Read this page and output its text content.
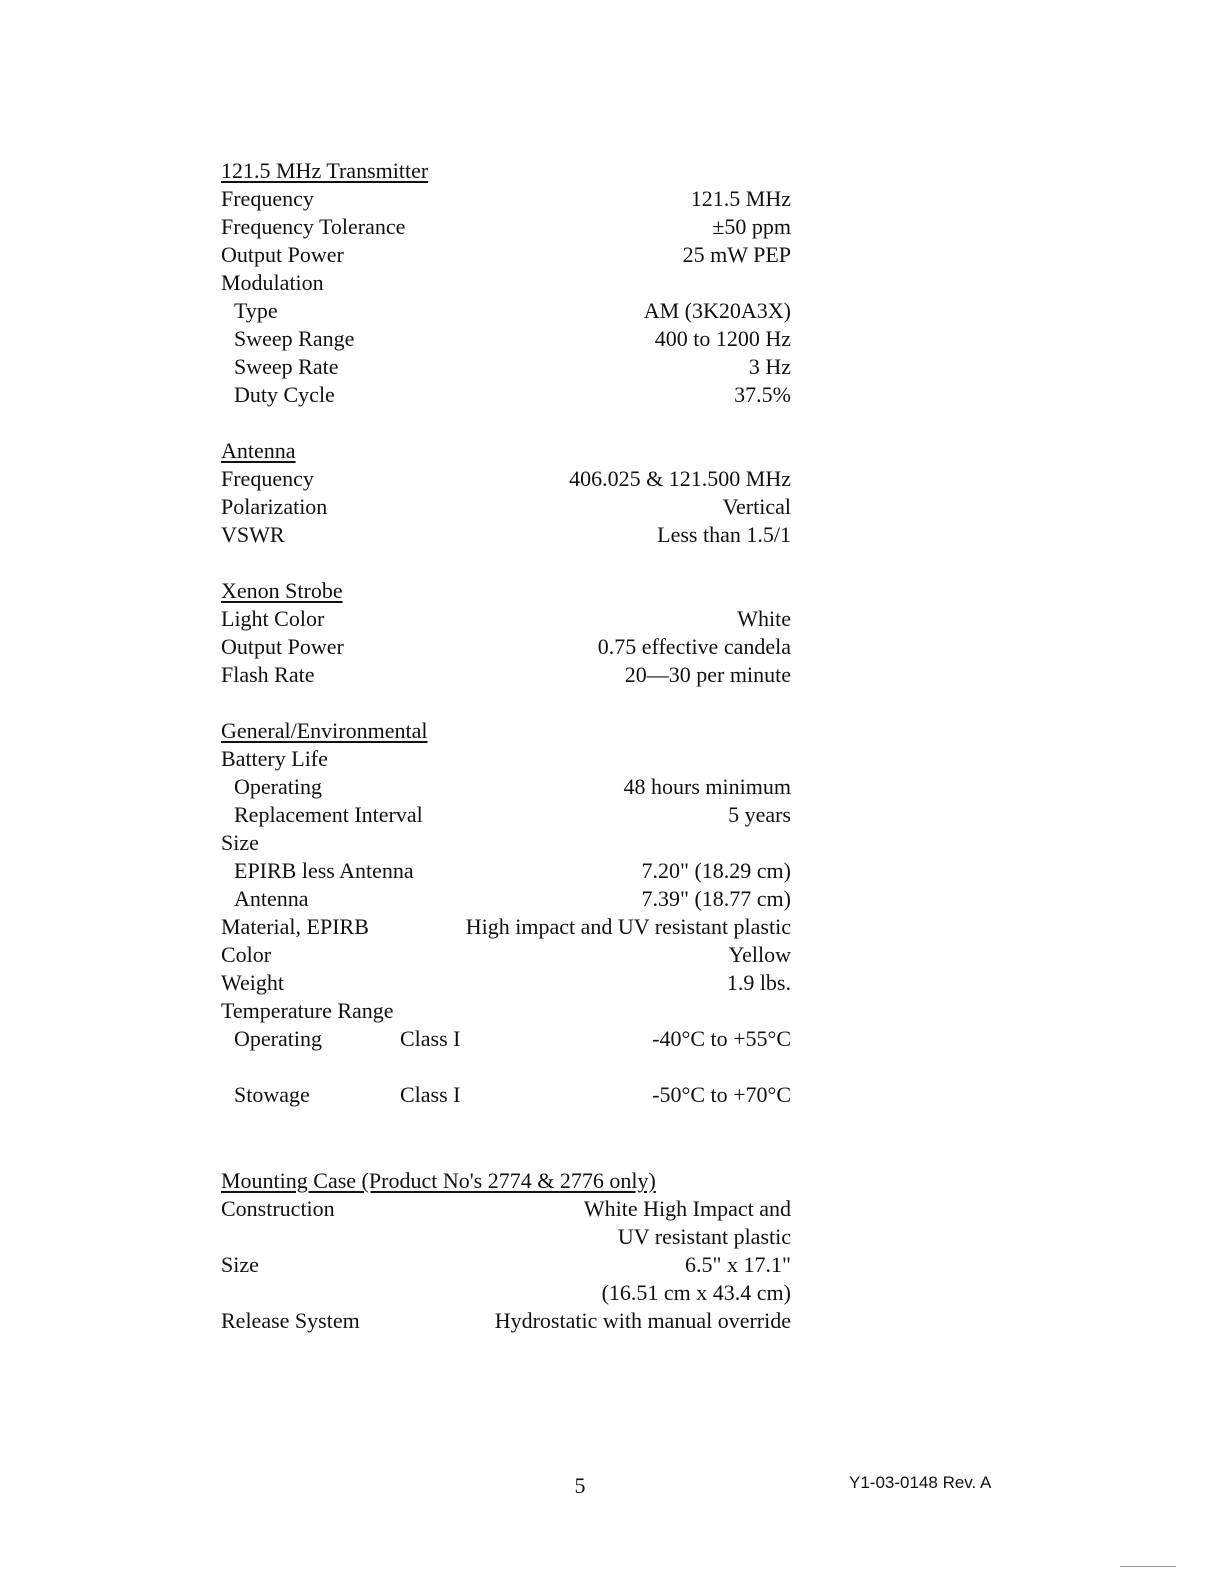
121.5 MHz Transmitter
Frequency	121.5 MHz
Frequency Tolerance	±50 ppm
Output Power	25 mW PEP
Modulation
Type	AM (3K20A3X)
Sweep Range	400 to 1200 Hz
Sweep Rate	3 Hz
Duty Cycle	37.5%
Antenna
Frequency	406.025 & 121.500 MHz
Polarization	Vertical
VSWR	Less than 1.5/1
Xenon Strobe
Light Color	White
Output Power	0.75 effective candela
Flash Rate	20—30 per minute
General/Environmental
Battery Life
Operating	48 hours minimum
Replacement Interval	5 years
Size
EPIRB less Antenna	7.20" (18.29 cm)
Antenna	7.39" (18.77 cm)
Material, EPIRB	High impact and UV resistant plastic
Color	Yellow
Weight	1.9 lbs.
Temperature Range
Operating	Class I	-40°C to +55°C
Stowage	Class I	-50°C to +70°C
Mounting Case (Product No's 2774 & 2776 only)
Construction	White High Impact and
UV resistant plastic
Size	6.5" x 17.1"
(16.51 cm x 43.4 cm)
Release System	Hydrostatic with manual override
5	Y1-03-0148 Rev. A
